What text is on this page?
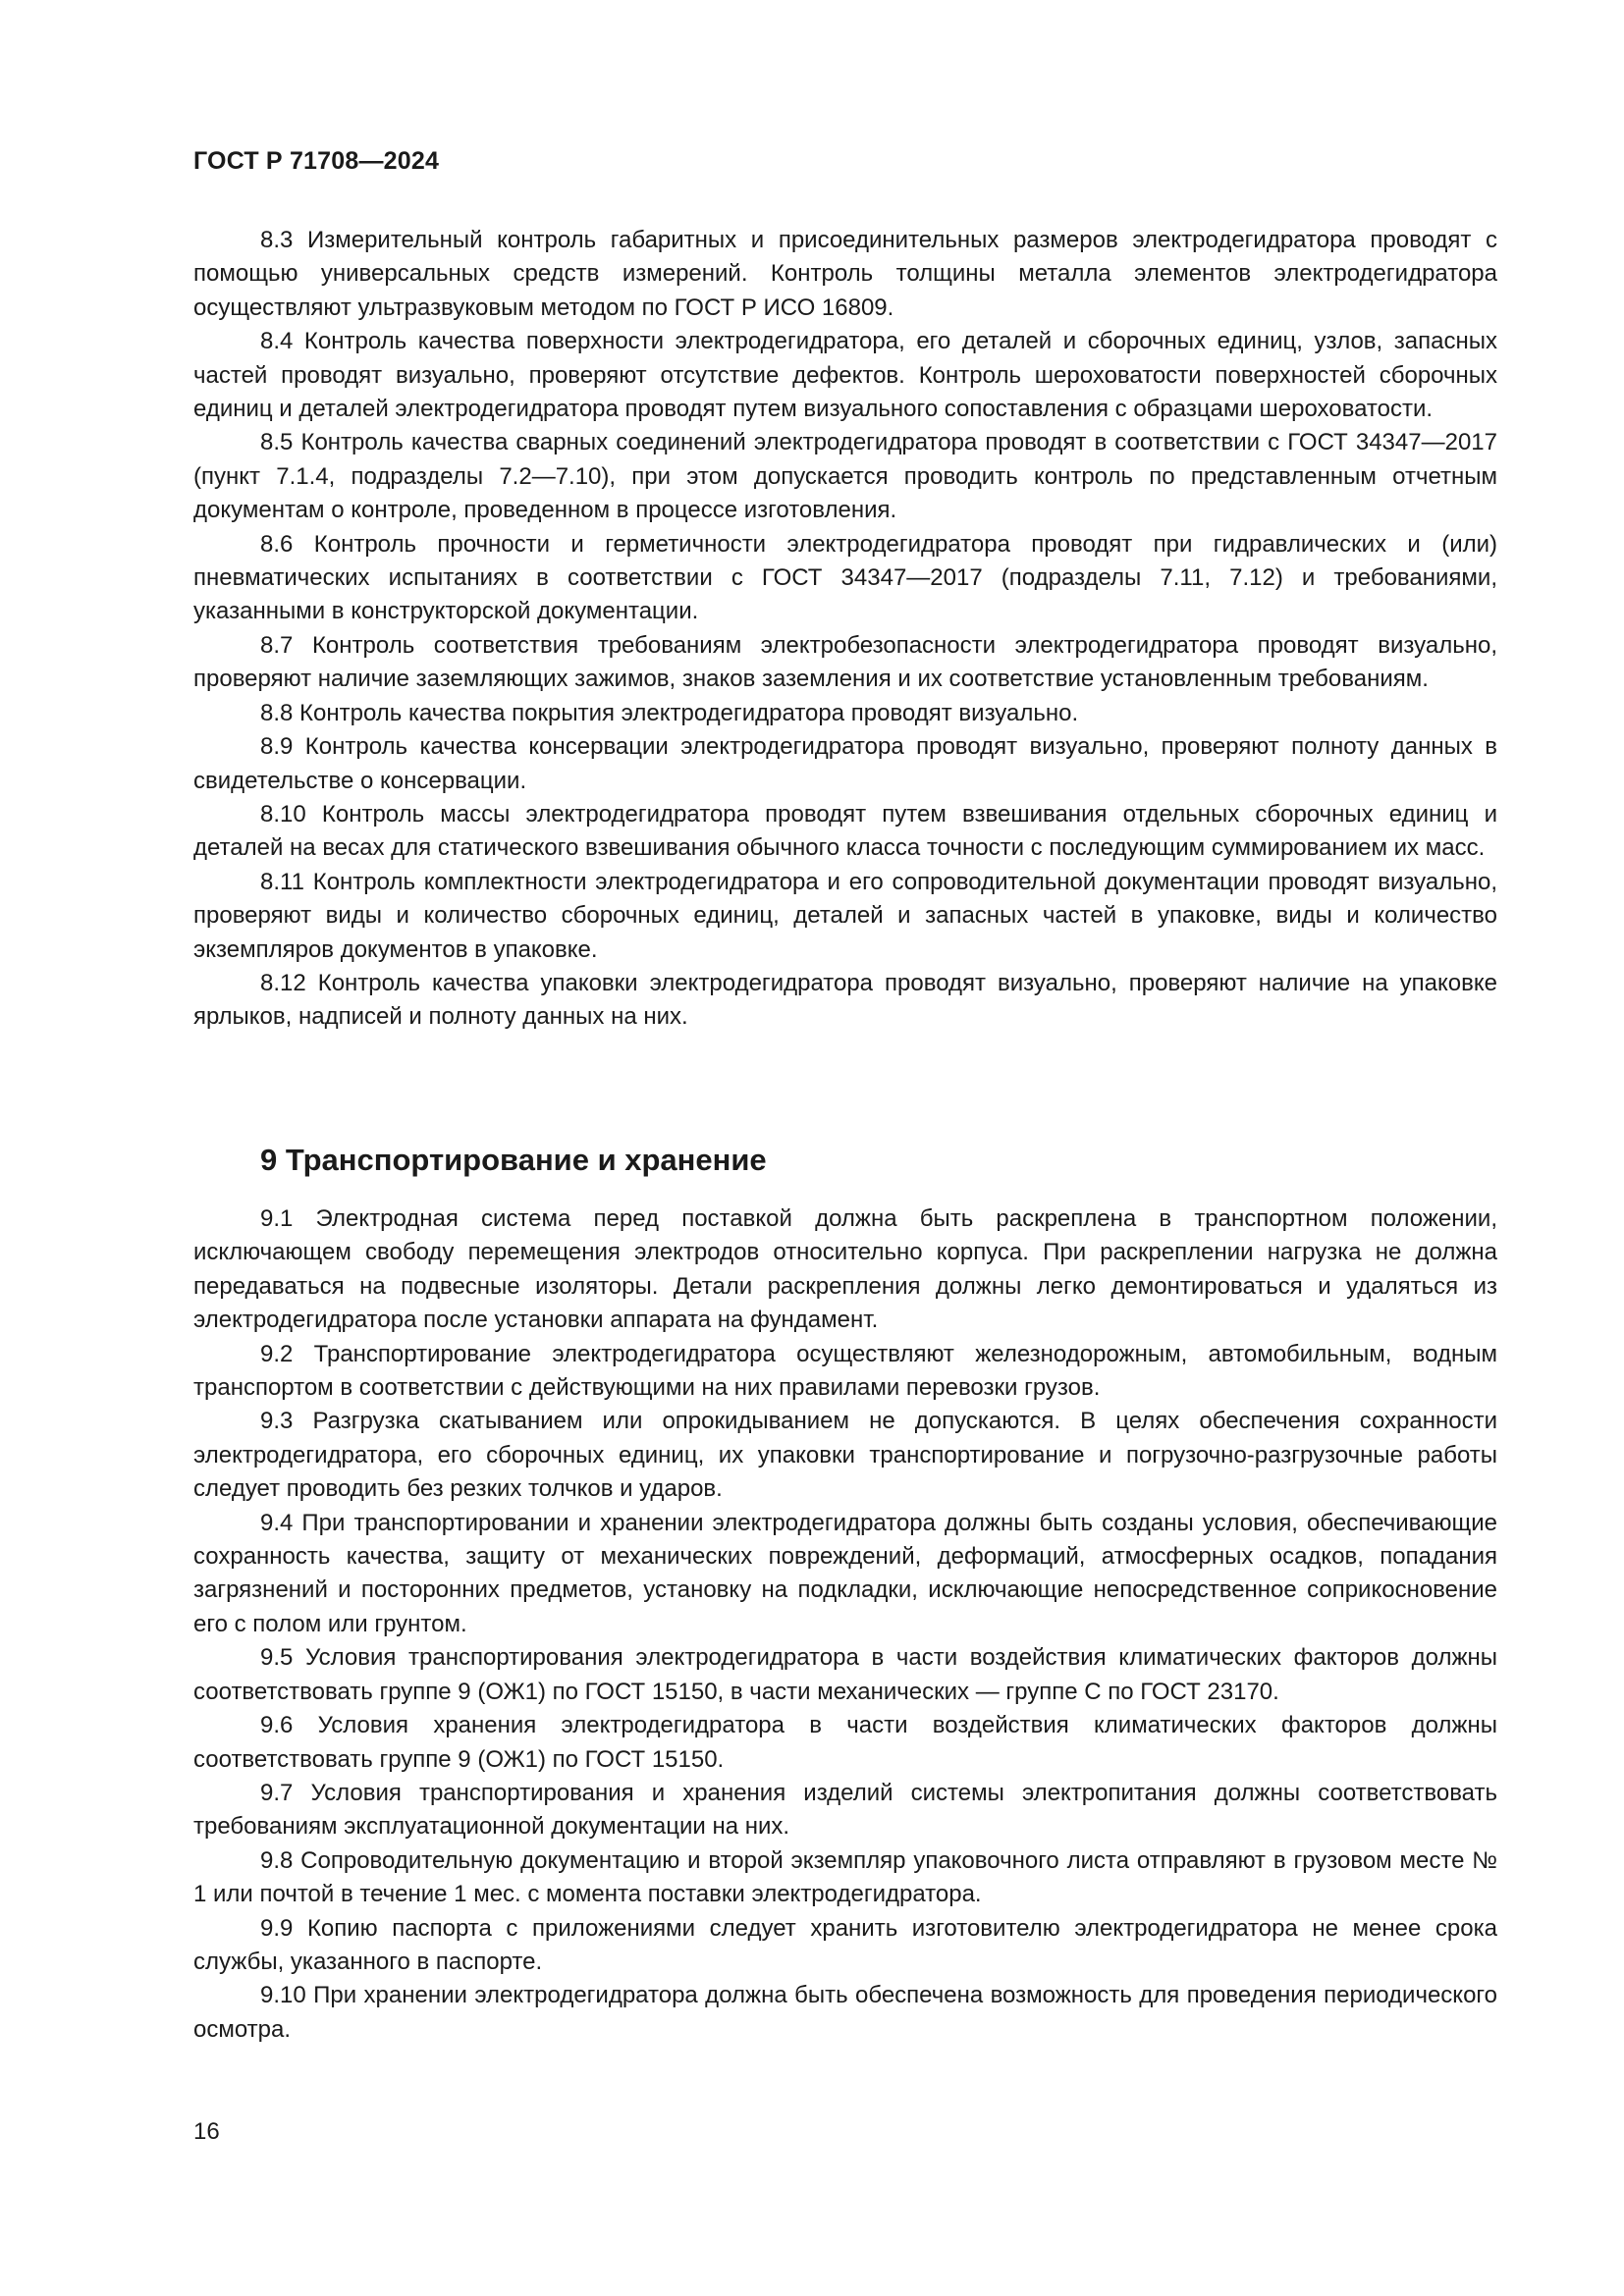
ГОСТ Р 71708—2024

8.3 Измерительный контроль габаритных и присоединительных размеров электродегидратора проводят с помощью универсальных средств измерений. Контроль толщины металла элементов электродегидратора осуществляют ультразвуковым методом по ГОСТ Р ИСО 16809.

8.4 Контроль качества поверхности электродегидратора, его деталей и сборочных единиц, узлов, запасных частей проводят визуально, проверяют отсутствие дефектов. Контроль шероховатости поверхностей сборочных единиц и деталей электродегидратора проводят путем визуального сопоставления с образцами шероховатости.

8.5 Контроль качества сварных соединений электродегидратора проводят в соответствии с ГОСТ 34347—2017 (пункт 7.1.4, подразделы 7.2—7.10), при этом допускается проводить контроль по представленным отчетным документам о контроле, проведенном в процессе изготовления.

8.6 Контроль прочности и герметичности электродегидратора проводят при гидравлических и (или) пневматических испытаниях в соответствии с ГОСТ 34347—2017 (подразделы 7.11, 7.12) и требованиями, указанными в конструкторской документации.

8.7 Контроль соответствия требованиям электробезопасности электродегидратора проводят визуально, проверяют наличие заземляющих зажимов, знаков заземления и их соответствие установленным требованиям.

8.8 Контроль качества покрытия электродегидратора проводят визуально.

8.9 Контроль качества консервации электродегидратора проводят визуально, проверяют полноту данных в свидетельстве о консервации.

8.10 Контроль массы электродегидратора проводят путем взвешивания отдельных сборочных единиц и деталей на весах для статического взвешивания обычного класса точности с последующим суммированием их масс.

8.11 Контроль комплектности электродегидратора и его сопроводительной документации проводят визуально, проверяют виды и количество сборочных единиц, деталей и запасных частей в упаковке, виды и количество экземпляров документов в упаковке.

8.12 Контроль качества упаковки электродегидратора проводят визуально, проверяют наличие на упаковке ярлыков, надписей и полноту данных на них.

9 Транспортирование и хранение

9.1 Электродная система перед поставкой должна быть раскреплена в транспортном положении, исключающем свободу перемещения электродов относительно корпуса. При раскреплении нагрузка не должна передаваться на подвесные изоляторы. Детали раскрепления должны легко демонтироваться и удаляться из электродегидратора после установки аппарата на фундамент.

9.2 Транспортирование электродегидратора осуществляют железнодорожным, автомобильным, водным транспортом в соответствии с действующими на них правилами перевозки грузов.

9.3 Разгрузка скатыванием или опрокидыванием не допускаются. В целях обеспечения сохранности электродегидратора, его сборочных единиц, их упаковки транспортирование и погрузочно-разгрузочные работы следует проводить без резких толчков и ударов.

9.4 При транспортировании и хранении электродегидратора должны быть созданы условия, обеспечивающие сохранность качества, защиту от механических повреждений, деформаций, атмосферных осадков, попадания загрязнений и посторонних предметов, установку на подкладки, исключающие непосредственное соприкосновение его с полом или грунтом.

9.5 Условия транспортирования электродегидратора в части воздействия климатических факторов должны соответствовать группе 9 (ОЖ1) по ГОСТ 15150, в части механических — группе С по ГОСТ 23170.

9.6 Условия хранения электродегидратора в части воздействия климатических факторов должны соответствовать группе 9 (ОЖ1) по ГОСТ 15150.

9.7 Условия транспортирования и хранения изделий системы электропитания должны соответствовать требованиям эксплуатационной документации на них.

9.8 Сопроводительную документацию и второй экземпляр упаковочного листа отправляют в грузовом месте № 1 или почтой в течение 1 мес. с момента поставки электродегидратора.

9.9 Копию паспорта с приложениями следует хранить изготовителю электродегидратора не менее срока службы, указанного в паспорте.

9.10 При хранении электродегидратора должна быть обеспечена возможность для проведения периодического осмотра.

16
